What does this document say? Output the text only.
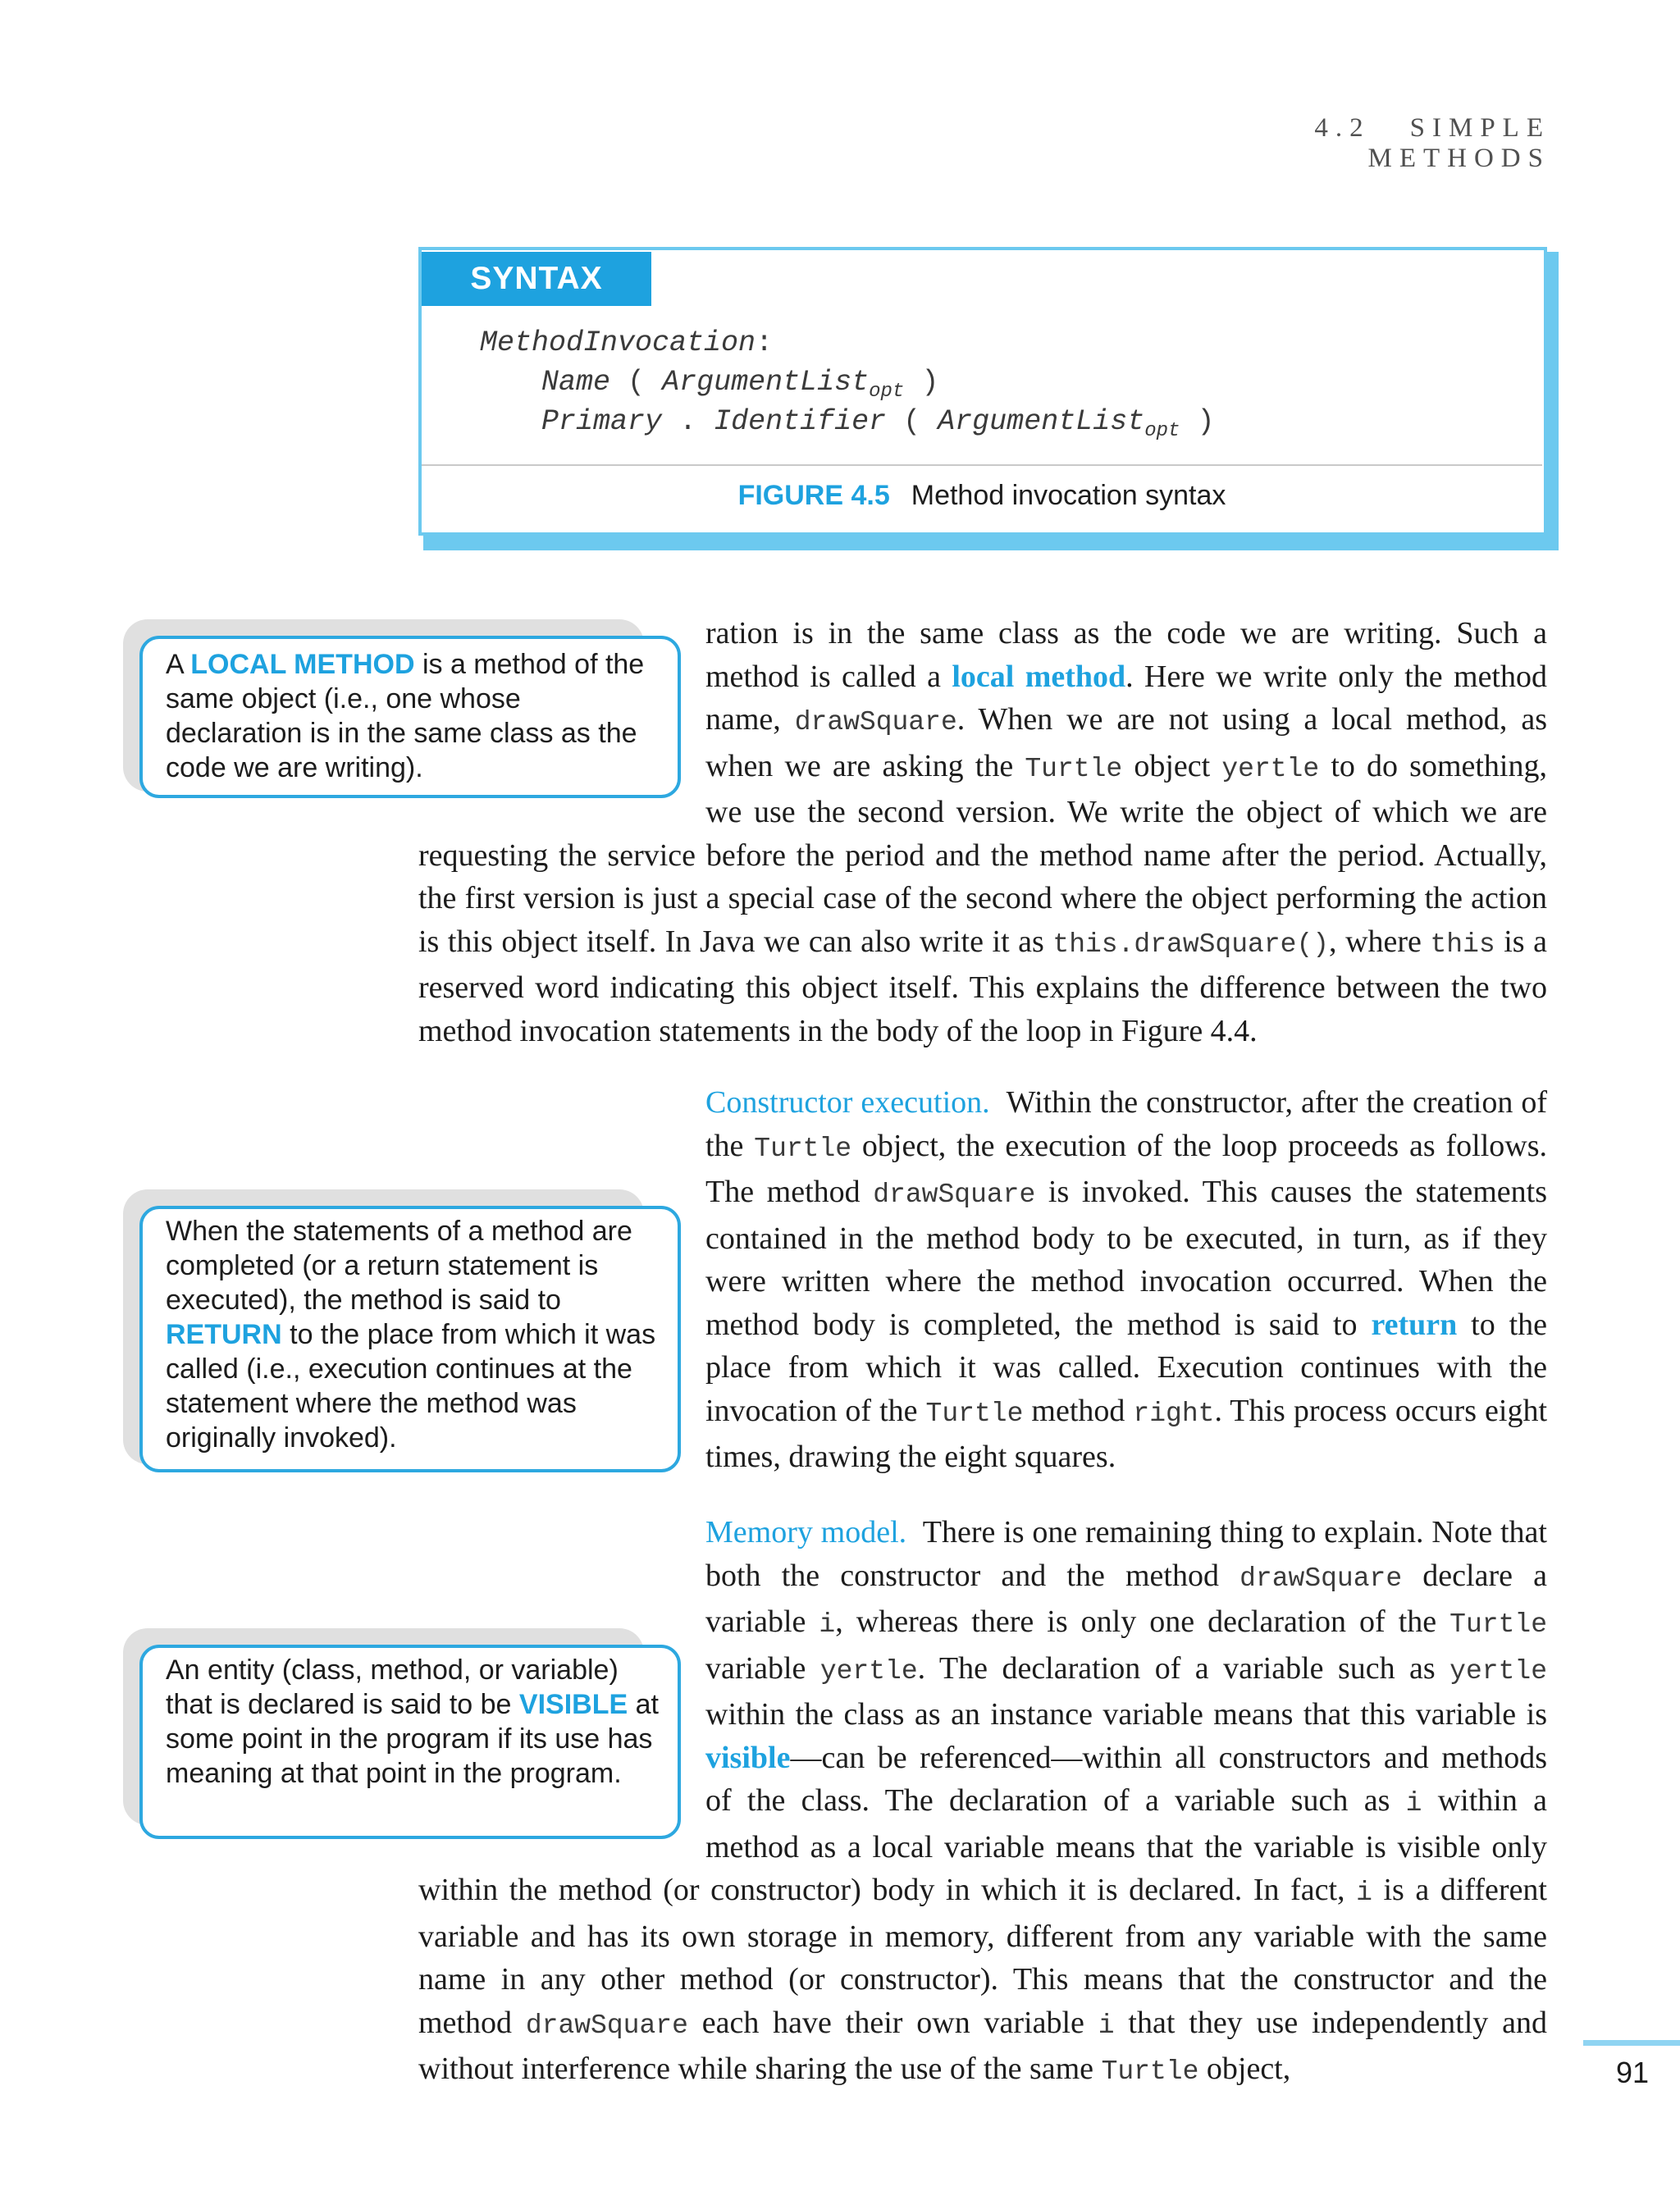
4.2 SIMPLE METHODS
SYNTAX
MethodInvocation:
Name ( ArgumentList$_{opt}$ )
Primary . Identifier ( ArgumentList$_{opt}$ )
FIGURE 4.5 Method invocation syntax
A LOCAL METHOD is a method of the same object (i.e., one whose declaration is in the same class as the code we are writing).
When the statements of a method are completed (or a return statement is executed), the method is said to RETURN to the place from which it was called (i.e., execution continues at the statement where the method was originally invoked).
An entity (class, method, or variable) that is declared is said to be VISIBLE at some point in the program if its use has meaning at that point in the program.
ration is in the same class as the code we are writing. Such a method is called a local method. Here we write only the method name, drawSquare. When we are not using a local method, as when we are asking the Turtle object yertle to do something, we use the second version. We write the object of which we are requesting the service before the period and the method name after the period. Actually, the first version is just a special case of the second where the object performing the action is this object itself. In Java we can also write it as this.drawSquare(), where this is a reserved word indicating this object itself. This explains the difference between the two method invocation statements in the body of the loop in Figure 4.4.
Constructor execution. Within the constructor, after the creation of the Turtle object, the execution of the loop proceeds as follows. The method drawSquare is invoked. This causes the statements contained in the method body to be executed, in turn, as if they were written where the method invocation occurred. When the method body is completed, the method is said to return to the place from which it was called. Execution continues with the invocation of the Turtle method right. This process occurs eight times, drawing the eight squares.
Memory model. There is one remaining thing to explain. Note that both the constructor and the method drawSquare declare a variable i, whereas there is only one declaration of the Turtle variable yertle. The declaration of a variable such as yertle within the class as an instance variable means that this variable is visible—can be referenced—within all constructors and methods of the class. The declaration of a variable such as i within a method as a local variable means that the variable is visible only within the method (or constructor) body in which it is declared. In fact, i is a different variable and has its own storage in memory, different from any variable with the same name in any other method (or constructor). This means that the constructor and the method drawSquare each have their own variable i that they use independently and without interference while sharing the use of the same Turtle object,	91
